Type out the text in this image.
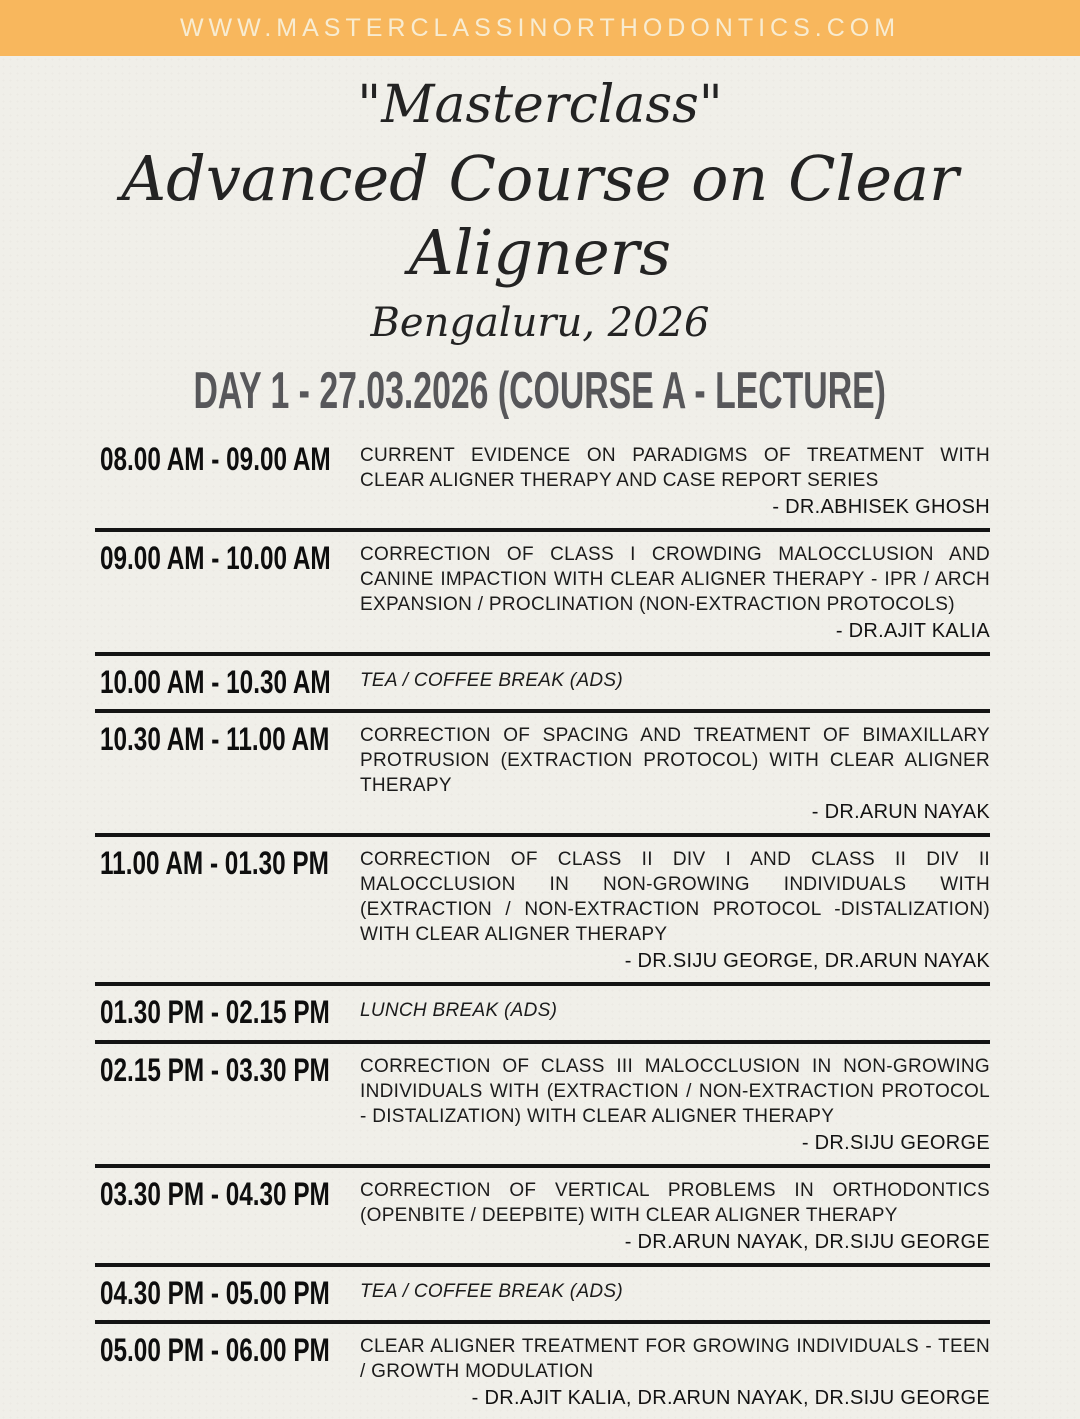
WWW.MASTERCLASSINORTHODONTICS.COM
"Masterclass"
Advanced Course on Clear Aligners
Bengaluru, 2026
DAY 1 - 27.03.2026 (COURSE A - LECTURE)
08.00 AM - 09.00 AM	CURRENT EVIDENCE ON PARADIGMS OF TREATMENT WITH CLEAR ALIGNER THERAPY AND CASE REPORT SERIES

- DR.ABHISEK GHOSH

09.00 AM - 10.00 AM	CORRECTION OF CLASS I CROWDING MALOCCLUSION AND CANINE IMPACTION WITH CLEAR ALIGNER THERAPY - IPR / ARCH EXPANSION / PROCLINATION (NON-EXTRACTION PROTOCOLS)

- DR.AJIT KALIA

10.00 AM - 10.30 AM	TEA / COFFEE BREAK (ADS)

10.30 AM - 11.00 AM	CORRECTION OF SPACING AND TREATMENT OF BIMAXILLARY PROTRUSION (EXTRACTION PROTOCOL) WITH CLEAR ALIGNER THERAPY

- DR.ARUN NAYAK

11.00 AM - 01.30 PM	CORRECTION OF CLASS II DIV I AND CLASS II DIV II MALOCCLUSION IN NON-GROWING INDIVIDUALS WITH (EXTRACTION / NON-EXTRACTION PROTOCOL -DISTALIZATION) WITH CLEAR ALIGNER THERAPY

- DR.SIJU GEORGE, DR.ARUN NAYAK

01.30 PM - 02.15 PM	LUNCH BREAK (ADS)

02.15 PM - 03.30 PM	CORRECTION OF CLASS III MALOCCLUSION IN NON-GROWING INDIVIDUALS WITH (EXTRACTION / NON-EXTRACTION PROTOCOL - DISTALIZATION) WITH CLEAR ALIGNER THERAPY

- DR.SIJU GEORGE

03.30 PM - 04.30 PM	CORRECTION OF VERTICAL PROBLEMS IN ORTHODONTICS (OPENBITE / DEEPBITE) WITH CLEAR ALIGNER THERAPY

- DR.ARUN NAYAK, DR.SIJU GEORGE

04.30 PM - 05.00 PM	TEA / COFFEE BREAK (ADS)

05.00 PM - 06.00 PM	CLEAR ALIGNER TREATMENT FOR GROWING INDIVIDUALS - TEEN / GROWTH MODULATION

- DR.AJIT KALIA, DR.ARUN NAYAK, DR.SIJU GEORGE
